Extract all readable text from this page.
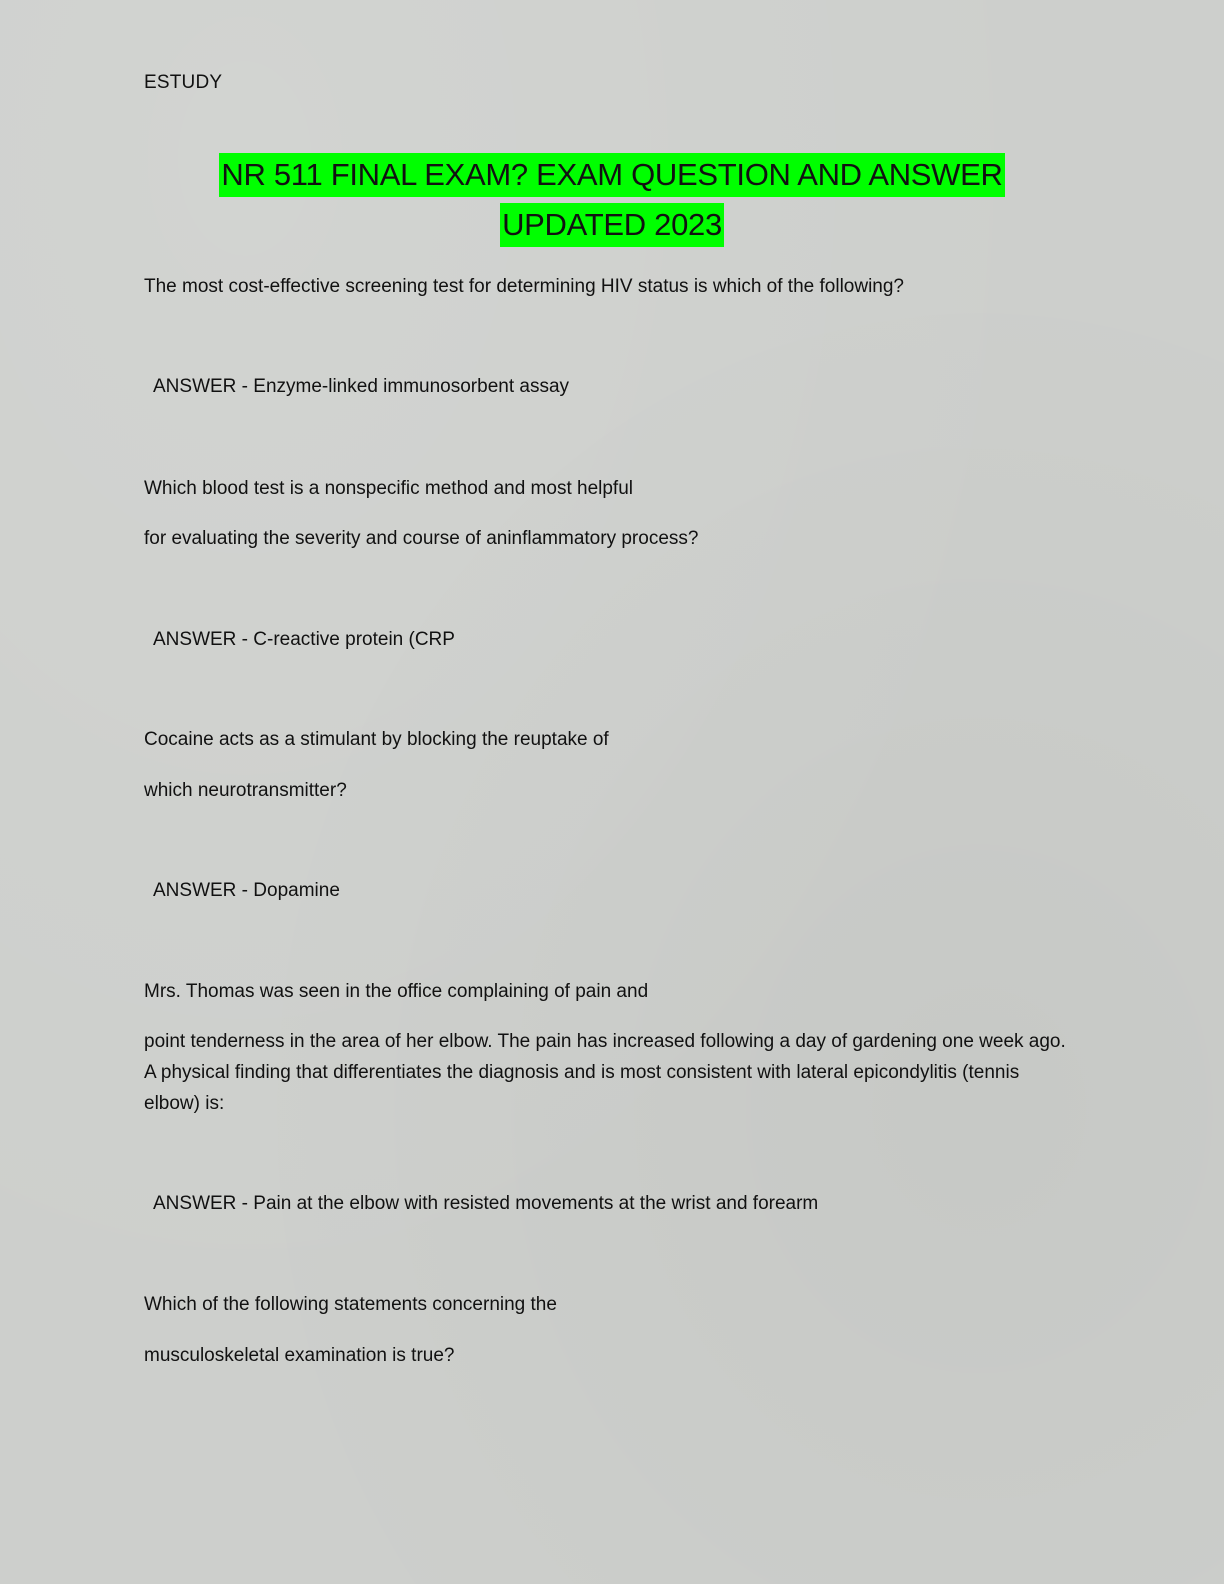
ESTUDY
NR 511 FINAL EXAM? EXAM QUESTION AND ANSWER
UPDATED 2023

The most cost-effective screening test for determining HIV status is which of the following?

ANSWER - Enzyme-linked immunosorbent assay

Which blood test is a nonspecific method and most helpful

for evaluating the severity and course of aninflammatory process?

ANSWER - C-reactive protein (CRP

Cocaine acts as a stimulant by blocking the reuptake of

which neurotransmitter?

ANSWER - Dopamine

Mrs. Thomas was seen in the office complaining of pain and

point tenderness in the area of her elbow. The pain has increased following a day of gardening one week ago. A physical finding that differentiates the diagnosis and is most consistent with lateral epicondylitis (tennis elbow) is:

ANSWER - Pain at the elbow with resisted movements at the wrist and forearm

Which of the following statements concerning the

musculoskeletal examination is true?
